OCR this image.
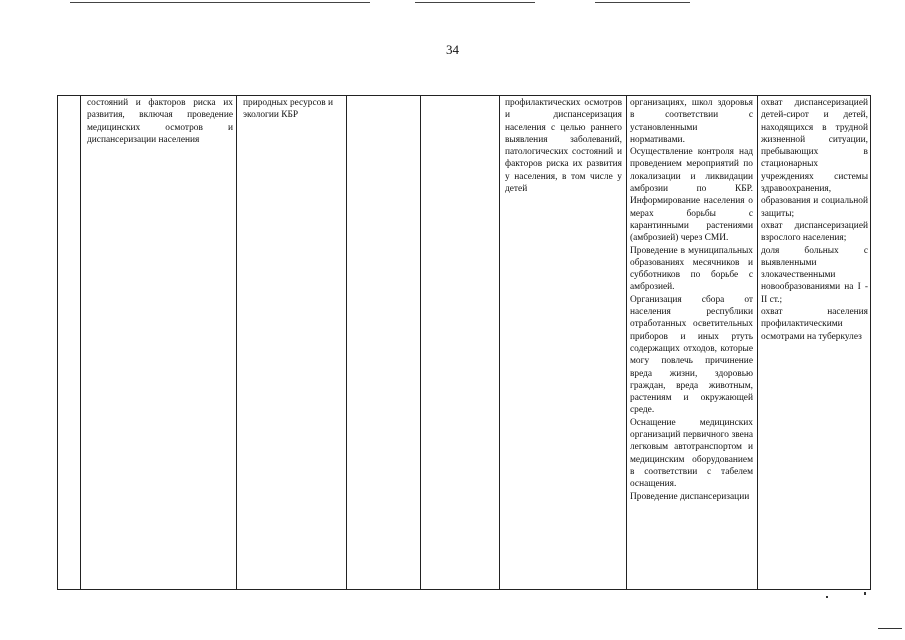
34

состояний и факторов риска их развития, включая проведение медицинских осмотров и диспансеризации населения

природных ресурсов и экологии КБР

профилактических осмотров и диспансеризация населения с целью раннего выявления заболеваний, патологических состояний и факторов риска их развития у населения, в том числе у детей

организациях, школ здоровья в соответствии с установленными нормативами.

Осуществление контроля над проведением мероприятий по локализации и ликвидации амброзии по КБР. Информирование населения о мерах борьбы с карантинными растениями (амброзией) через СМИ.

Проведение в муниципальных образованиях месячников и субботников по борьбе с амброзией.

Организация сбора от населения республики отработанных осветительных приборов и иных ртуть содержащих отходов, которые могу повлечь причинение вреда жизни, здоровью граждан, вреда животным, растениям и окружающей среде.

Оснащение медицинских организаций первичного звена легковым автотранспортом и медицинским оборудованием в соответствии с табелем оснащения.

Проведение диспансеризации

охват диспансеризацией детей-сирот и детей, находящихся в трудной жизненной ситуации, пребывающих в стационарных учреждениях системы здравоохранения, образования и социальной защиты;

охват диспансеризацией взрослого населения;

доля больных с выявленными злокачественными новообразованиями на I - II ст.;

охват населения профилактическими осмотрами на туберкулез
